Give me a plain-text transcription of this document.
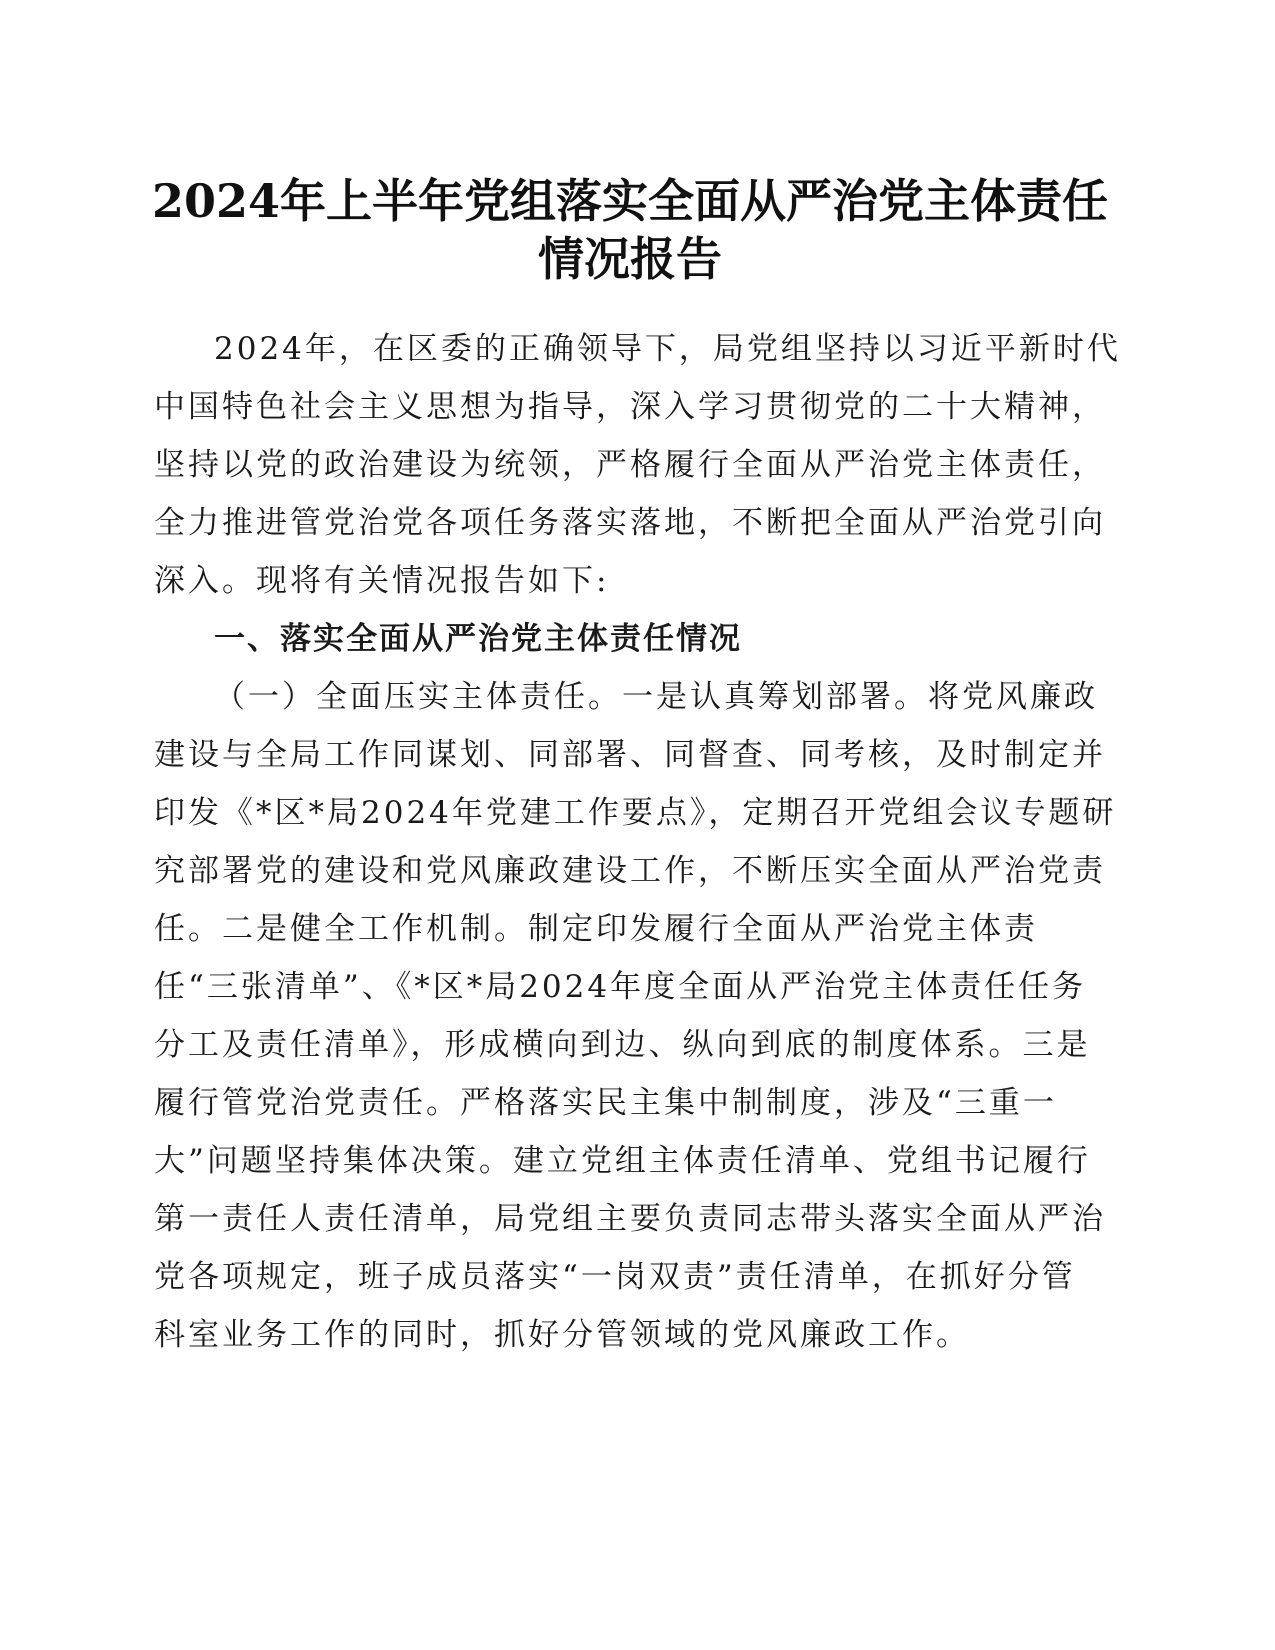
2024年上半年党组落实全面从严治党主体责任
情况报告
2024年，在区委的正确领导下，局党组坚持以习近平新时代
中国特色社会主义思想为指导，深入学习贯彻党的二十大精神，
坚持以党的政治建设为统领，严格履行全面从严治党主体责任，
全力推进管党治党各项任务落实落地，不断把全面从严治党引向
深入。现将有关情况报告如下:
一、落实全面从严治党主体责任情况
（一）全面压实主体责任。一是认真筹划部署。将党风廉政
建设与全局工作同谋划、同部署、同督查、同考核，及时制定并
印发《*区*局2024年党建工作要点》，定期召开党组会议专题研
究部署党的建设和党风廉政建设工作，不断压实全面从严治党责
任。二是健全工作机制。制定印发履行全面从严治党主体责
任“三张清单”、《*区*局2024年度全面从严治党主体责任任务
分工及责任清单》，形成横向到边、纵向到底的制度体系。三是
履行管党治党责任。严格落实民主集中制制度，涉及“三重一
大”问题坚持集体决策。建立党组主体责任清单、党组书记履行
第一责任人责任清单，局党组主要负责同志带头落实全面从严治
党各项规定，班子成员落实“一岗双责”责任清单，在抓好分管
科室业务工作的同时，抓好分管领域的党风廉政工作。
